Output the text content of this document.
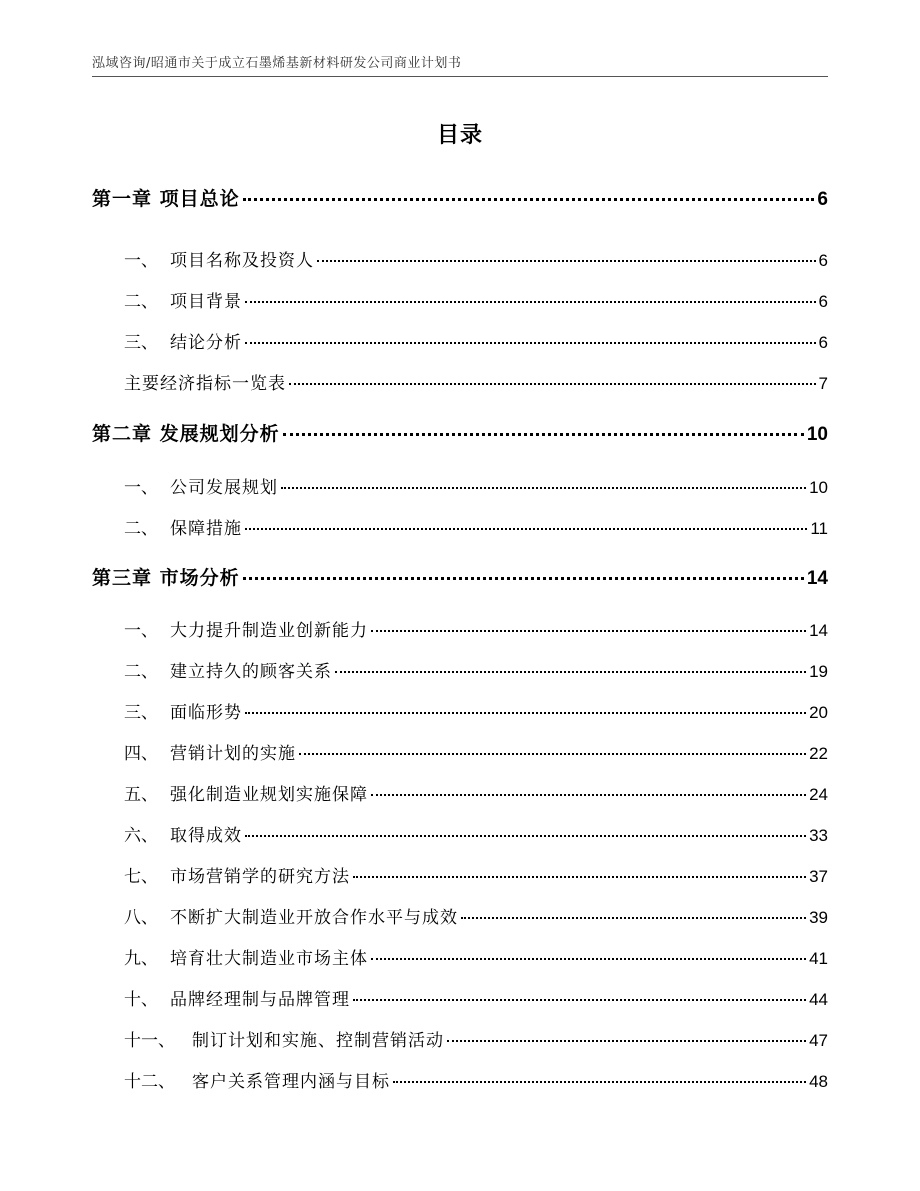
泓域咨询/昭通市关于成立石墨烯基新材料研发公司商业计划书
目录
第一章 项目总论	6
一、 项目名称及投资人	6
二、 项目背景	6
三、 结论分析	6
主要经济指标一览表	7
第二章 发展规划分析	10
一、 公司发展规划	10
二、 保障措施	11
第三章 市场分析	14
一、 大力提升制造业创新能力	14
二、 建立持久的顾客关系	19
三、 面临形势	20
四、 营销计划的实施	22
五、 强化制造业规划实施保障	24
六、 取得成效	33
七、 市场营销学的研究方法	37
八、 不断扩大制造业开放合作水平与成效	39
九、 培育壮大制造业市场主体	41
十、 品牌经理制与品牌管理	44
十一、	制订计划和实施、控制营销活动	47
十二、	客户关系管理内涵与目标	48
